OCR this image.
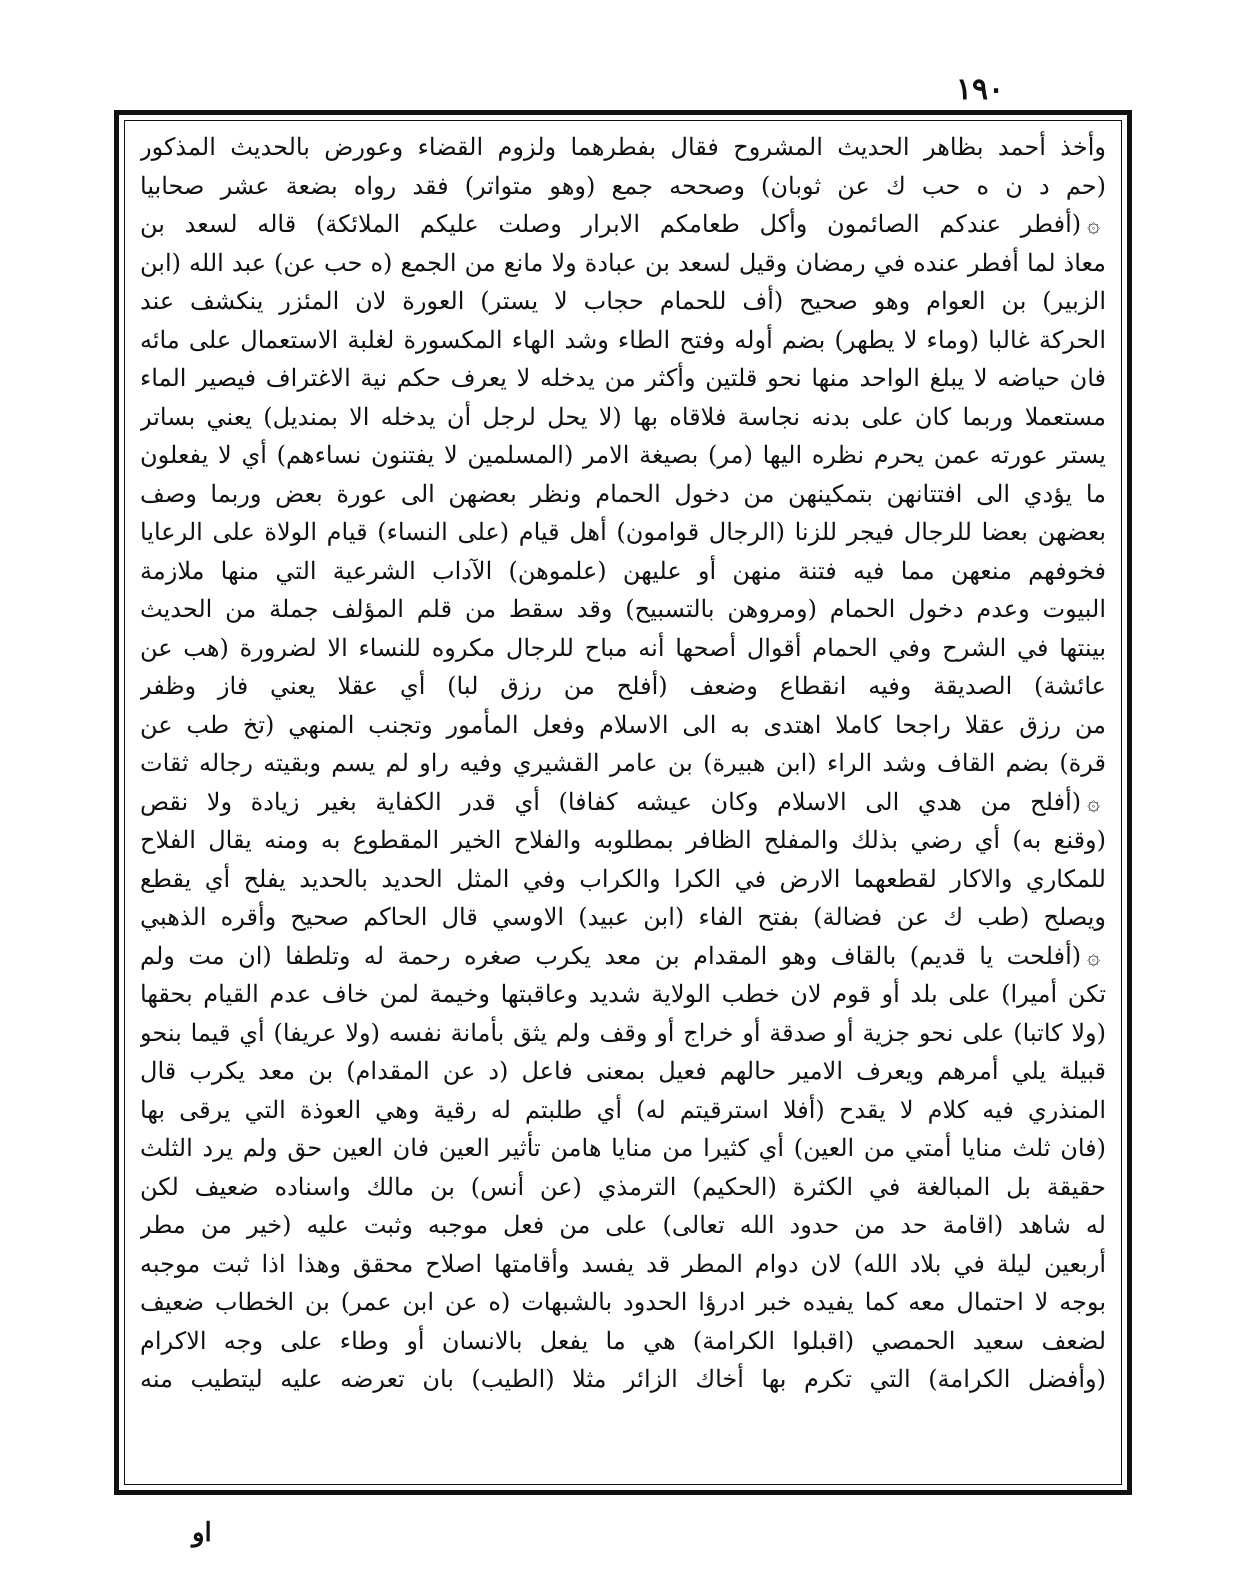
١٩٠
وأخذ أحمد بظاهر الحديث المشروح فقال بفطرهما ولزوم القضاء وعورض بالحديث المذكور
(حم د ن ه حب ك عن ثوبان) وصححه جمع (وهو متواتر) فقد رواه بضعة عشر صحابيا
۞(أفطر عندكم الصائمون وأكل طعامكم الابرار وصلت عليكم الملائكة) قاله لسعد بن
معاذ لما أفطر عنده في رمضان وقيل لسعد بن عبادة ولا مانع من الجمع (ه حب عن) عبد الله (ابن
الزبير) بن العوام وهو صحيح (أف للحمام حجاب لا يستر) العورة لان المئزر ينكشف عند
الحركة غالبا (وماء لا يطهر) بضم أوله وفتح الطاء وشد الهاء المكسورة لغلبة الاستعمال على مائه
فان حياضه لا يبلغ الواحد منها نحو قلتين وأكثر من يدخله لا يعرف حكم نية الاغتراف فيصير الماء
مستعملا وربما كان على بدنه نجاسة فلاقاه بها (لا يحل لرجل أن يدخله الا بمنديل) يعني بساتر
يستر عورته عمن يحرم نظره اليها (مر) بصيغة الامر (المسلمين لا يفتنون نساءهم) أي لا يفعلون
ما يؤدي الى افتتانهن بتمكينهن من دخول الحمام ونظر بعضهن الى عورة بعض وربما وصف
بعضهن بعضا للرجال فيجر للزنا (الرجال قوامون) أهل قيام (على النساء) قيام الولاة على الرعايا
فخوفهم منعهن مما فيه فتنة منهن أو عليهن (علموهن) الآداب الشرعية التي منها ملازمة
البيوت وعدم دخول الحمام (ومروهن بالتسبيح) وقد سقط من قلم المؤلف جملة من الحديث
بينتها في الشرح وفي الحمام أقوال أصحها أنه مباح للرجال مكروه للنساء الا لضرورة (هب عن
عائشة) الصديقة وفيه انقطاع وضعف (أفلح من رزق لبا) أي عقلا يعني فاز وظفر
من رزق عقلا راجحا كاملا اهتدى به الى الاسلام وفعل المأمور وتجنب المنهي (تخ طب عن
قرة) بضم القاف وشد الراء (ابن هبيرة) بن عامر القشيري وفيه راو لم يسم وبقيته رجاله ثقات
۞(أفلح من هدي الى الاسلام وكان عيشه كفافا) أي قدر الكفاية بغير زيادة ولا نقص
(وقنع به) أي رضي بذلك والمفلح الظافر بمطلوبه والفلاح الخير المقطوع به ومنه يقال الفلاح
للمكاري والاكار لقطعهما الارض في الكرا والكراب وفي المثل الحديد بالحديد يفلح أي يقطع
ويصلح (طب ك عن فضالة) بفتح الفاء (ابن عبيد) الاوسي قال الحاكم صحيح وأقره الذهبي
۞(أفلحت يا قديم) بالقاف وهو المقدام بن معد يكرب صغره رحمة له وتلطفا (ان مت ولم
تكن أميرا) على بلد أو قوم لان خطب الولاية شديد وعاقبتها وخيمة لمن خاف عدم القيام بحقها
(ولا كاتبا) على نحو جزية أو صدقة أو خراج أو وقف ولم يثق بأمانة نفسه (ولا عريفا) أي قيما بنحو
قبيلة يلي أمرهم ويعرف الامير حالهم فعيل بمعنى فاعل (د عن المقدام) بن معد يكرب قال
المنذري فيه كلام لا يقدح (أفلا استرقيتم له) أي طلبتم له رقية وهي العوذة التي يرقى بها
(فان ثلث منايا أمتي من العين) أي كثيرا من منايا هامن تأثير العين فان العين حق ولم يرد الثلث
حقيقة بل المبالغة في الكثرة (الحكيم) الترمذي (عن أنس) بن مالك واسناده ضعيف لكن
له شاهد (اقامة حد من حدود الله تعالى) على من فعل موجبه وثبت عليه (خير من مطر
أربعين ليلة في بلاد الله) لان دوام المطر قد يفسد وأقامتها اصلاح محقق وهذا اذا ثبت موجبه
بوجه لا احتمال معه كما يفيده خبر ادرؤا الحدود بالشبهات (ه عن ابن عمر) بن الخطاب ضعيف
لضعف سعيد الحمصي (اقبلوا الكرامة) هي ما يفعل بالانسان أو وطاء على وجه الاكرام
(وأفضل الكرامة) التي تكرم بها أخاك الزائر مثلا (الطيب) بان تعرضه عليه ليتطيب منه
او
